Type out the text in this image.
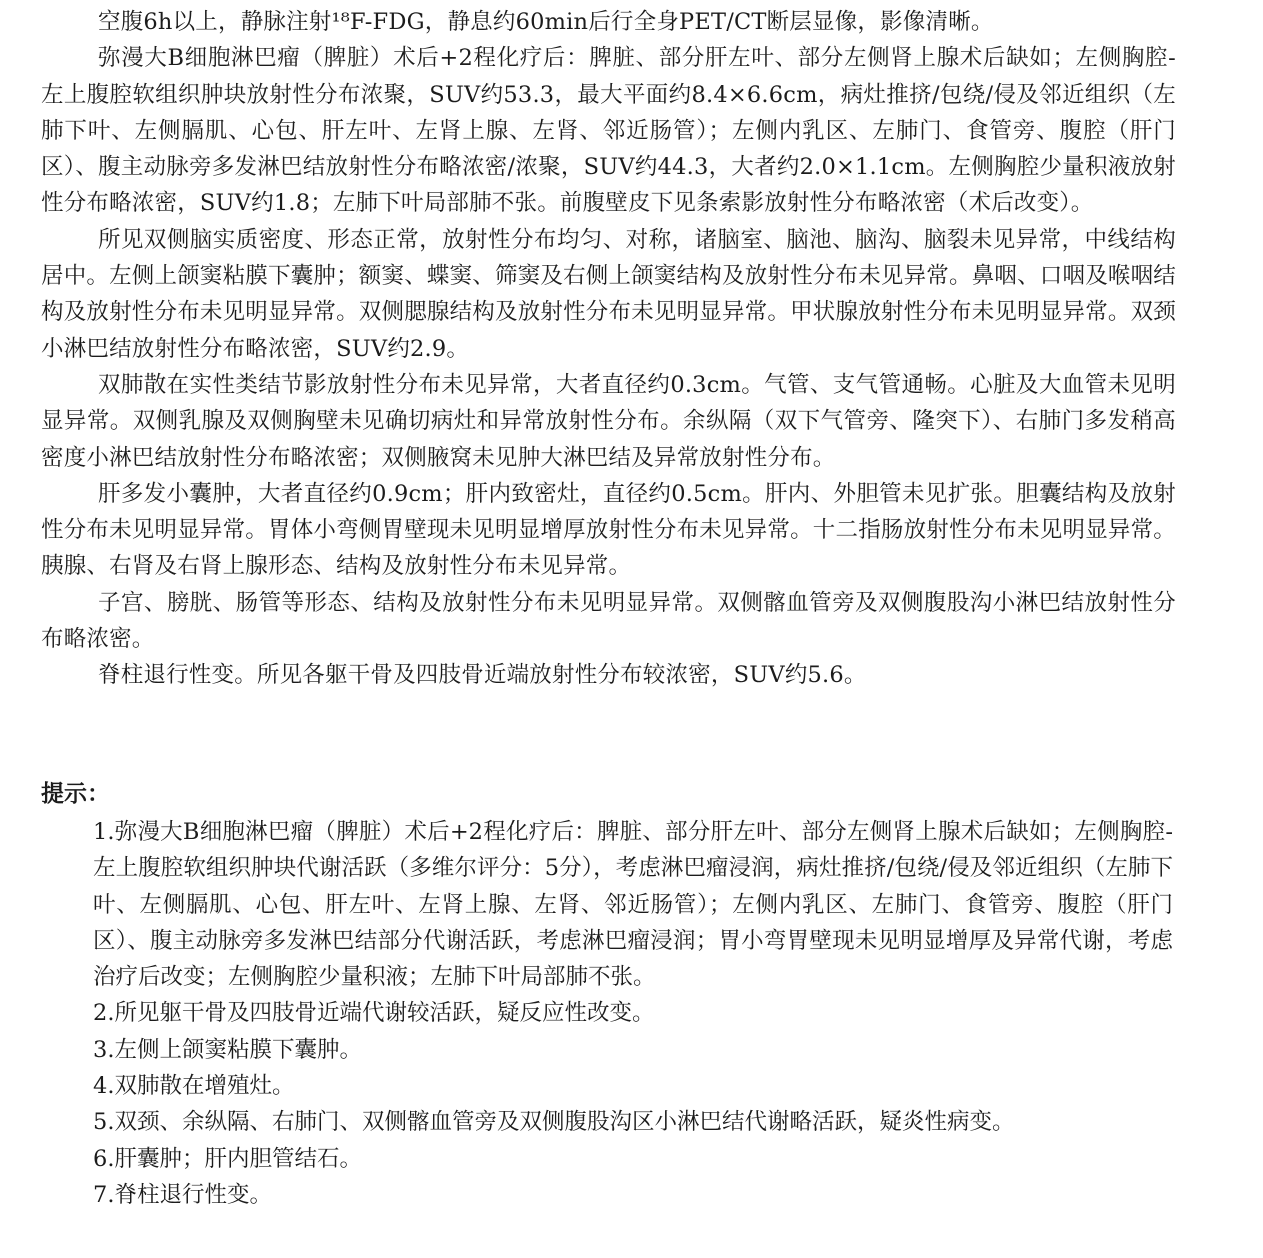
空腹6h以上，静脉注射¹⁸F-FDG，静息约60min后行全身PET/CT断层显像，影像清晰。

弥漫大B细胞淋巴瘤（脾脏）术后+2程化疗后：脾脏、部分肝左叶、部分左侧肾上腺术后缺如；左侧胸腔-左上腹腔软组织肿块放射性分布浓聚，SUV约53.3，最大平面约8.4×6.6cm，病灶推挤/包绕/侵及邻近组织（左肺下叶、左侧膈肌、心包、肝左叶、左肾上腺、左肾、邻近肠管）；左侧内乳区、左肺门、食管旁、腹腔（肝门区）、腹主动脉旁多发淋巴结放射性分布略浓密/浓聚，SUV约44.3，大者约2.0×1.1cm。左侧胸腔少量积液放射性分布略浓密，SUV约1.8；左肺下叶局部肺不张。前腹壁皮下见条索影放射性分布略浓密（术后改变）。

所见双侧脑实质密度、形态正常，放射性分布均匀、对称，诸脑室、脑池、脑沟、脑裂未见异常，中线结构居中。左侧上颌窦粘膜下囊肿；额窦、蝶窦、筛窦及右侧上颌窦结构及放射性分布未见异常。鼻咽、口咽及喉咽结构及放射性分布未见明显异常。双侧腮腺结构及放射性分布未见明显异常。甲状腺放射性分布未见明显异常。双颈小淋巴结放射性分布略浓密，SUV约2.9。

双肺散在实性类结节影放射性分布未见异常，大者直径约0.3cm。气管、支气管通畅。心脏及大血管未见明显异常。双侧乳腺及双侧胸壁未见确切病灶和异常放射性分布。余纵隔（双下气管旁、隆突下）、右肺门多发稍高密度小淋巴结放射性分布略浓密；双侧腋窝未见肿大淋巴结及异常放射性分布。

肝多发小囊肿，大者直径约0.9cm；肝内致密灶，直径约0.5cm。肝内、外胆管未见扩张。胆囊结构及放射性分布未见明显异常。胃体小弯侧胃壁现未见明显增厚放射性分布未见异常。十二指肠放射性分布未见明显异常。胰腺、右肾及右肾上腺形态、结构及放射性分布未见异常。

子宫、膀胱、肠管等形态、结构及放射性分布未见明显异常。双侧髂血管旁及双侧腹股沟小淋巴结放射性分布略浓密。

脊柱退行性变。所见各躯干骨及四肢骨近端放射性分布较浓密，SUV约5.6。

提示：
1.弥漫大B细胞淋巴瘤（脾脏）术后+2程化疗后：脾脏、部分肝左叶、部分左侧肾上腺术后缺如；左侧胸腔-左上腹腔软组织肿块代谢活跃（多维尔评分：5分），考虑淋巴瘤浸润，病灶推挤/包绕/侵及邻近组织（左肺下叶、左侧膈肌、心包、肝左叶、左肾上腺、左肾、邻近肠管）；左侧内乳区、左肺门、食管旁、腹腔（肝门区）、腹主动脉旁多发淋巴结部分代谢活跃，考虑淋巴瘤浸润；胃小弯胃壁现未见明显增厚及异常代谢，考虑治疗后改变；左侧胸腔少量积液；左肺下叶局部肺不张。
2.所见躯干骨及四肢骨近端代谢较活跃，疑反应性改变。
3.左侧上颌窦粘膜下囊肿。
4.双肺散在增殖灶。
5.双颈、余纵隔、右肺门、双侧髂血管旁及双侧腹股沟区小淋巴结代谢略活跃，疑炎性病变。
6.肝囊肿；肝内胆管结石。
7.脊柱退行性变。
